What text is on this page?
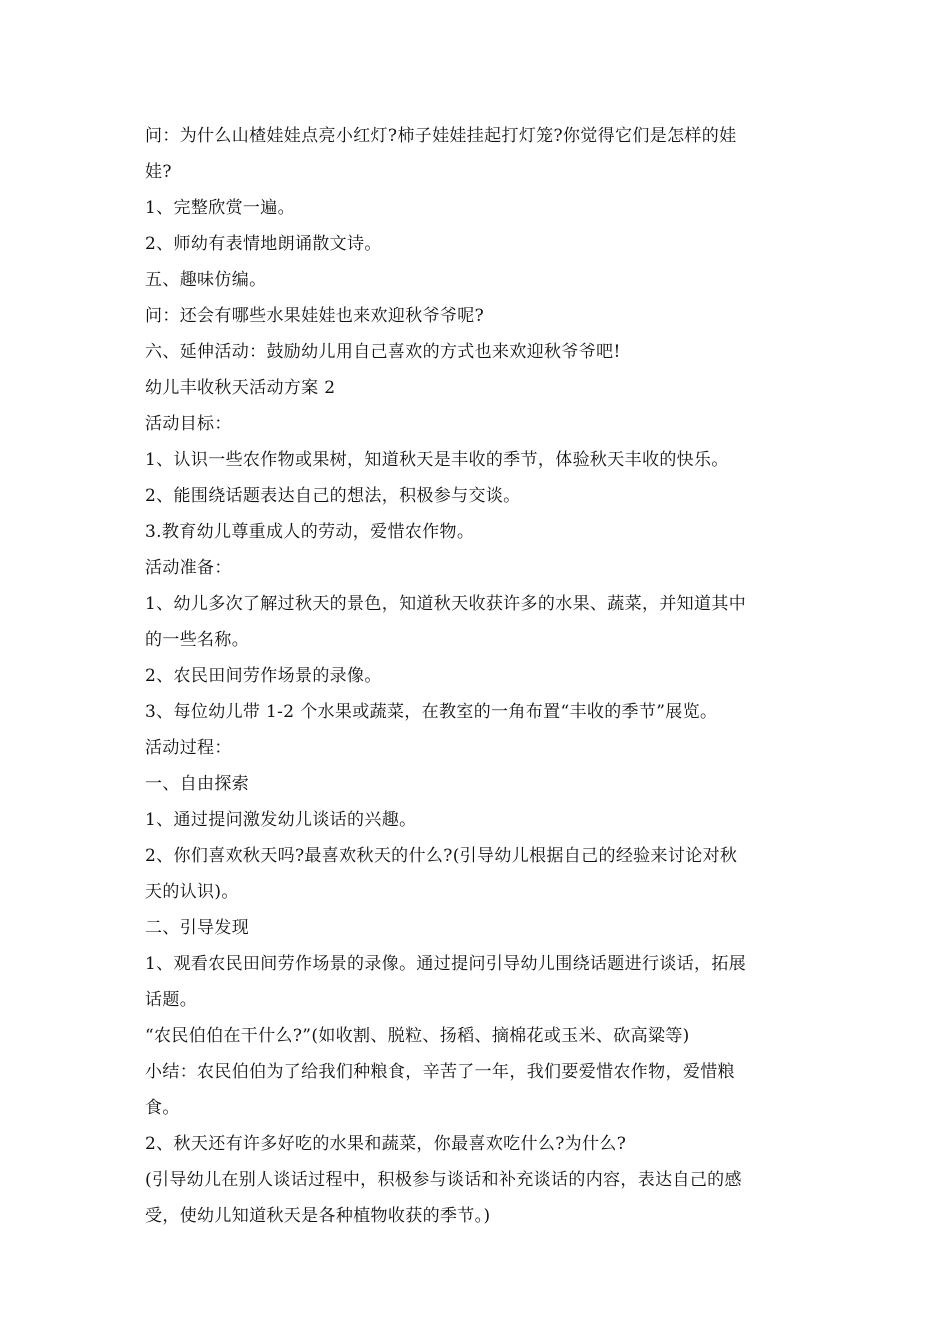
问：为什么山楂娃娃点亮小红灯?柿子娃娃挂起打灯笼?你觉得它们是怎样的娃
娃?
1、完整欣赏一遍。
2、师幼有表情地朗诵散文诗。
五、趣味仿编。
问：还会有哪些水果娃娃也来欢迎秋爷爷呢?
六、延伸活动：鼓励幼儿用自己喜欢的方式也来欢迎秋爷爷吧!
幼儿丰收秋天活动方案 2
活动目标：
1、认识一些农作物或果树，知道秋天是丰收的季节，体验秋天丰收的快乐。
2、能围绕话题表达自己的想法，积极参与交谈。
3.教育幼儿尊重成人的劳动，爱惜农作物。
活动准备：
1、幼儿多次了解过秋天的景色，知道秋天收获许多的水果、蔬菜，并知道其中
的一些名称。
2、农民田间劳作场景的录像。
3、每位幼儿带 1-2 个水果或蔬菜，在教室的一角布置“丰收的季节”展览。
活动过程：
一、自由探索
1、通过提问激发幼儿谈话的兴趣。
2、你们喜欢秋天吗?最喜欢秋天的什么?(引导幼儿根据自己的经验来讨论对秋
天的认识)。
二、引导发现
1、观看农民田间劳作场景的录像。通过提问引导幼儿围绕话题进行谈话，拓展
话题。
“农民伯伯在干什么?”(如收割、脱粒、扬稻、摘棉花或玉米、砍高粱等)
小结：农民伯伯为了给我们种粮食，辛苦了一年，我们要爱惜农作物，爱惜粮
食。
2、秋天还有许多好吃的水果和蔬菜，你最喜欢吃什么?为什么?
(引导幼儿在别人谈话过程中，积极参与谈话和补充谈话的内容，表达自己的感
受，使幼儿知道秋天是各种植物收获的季节。)
